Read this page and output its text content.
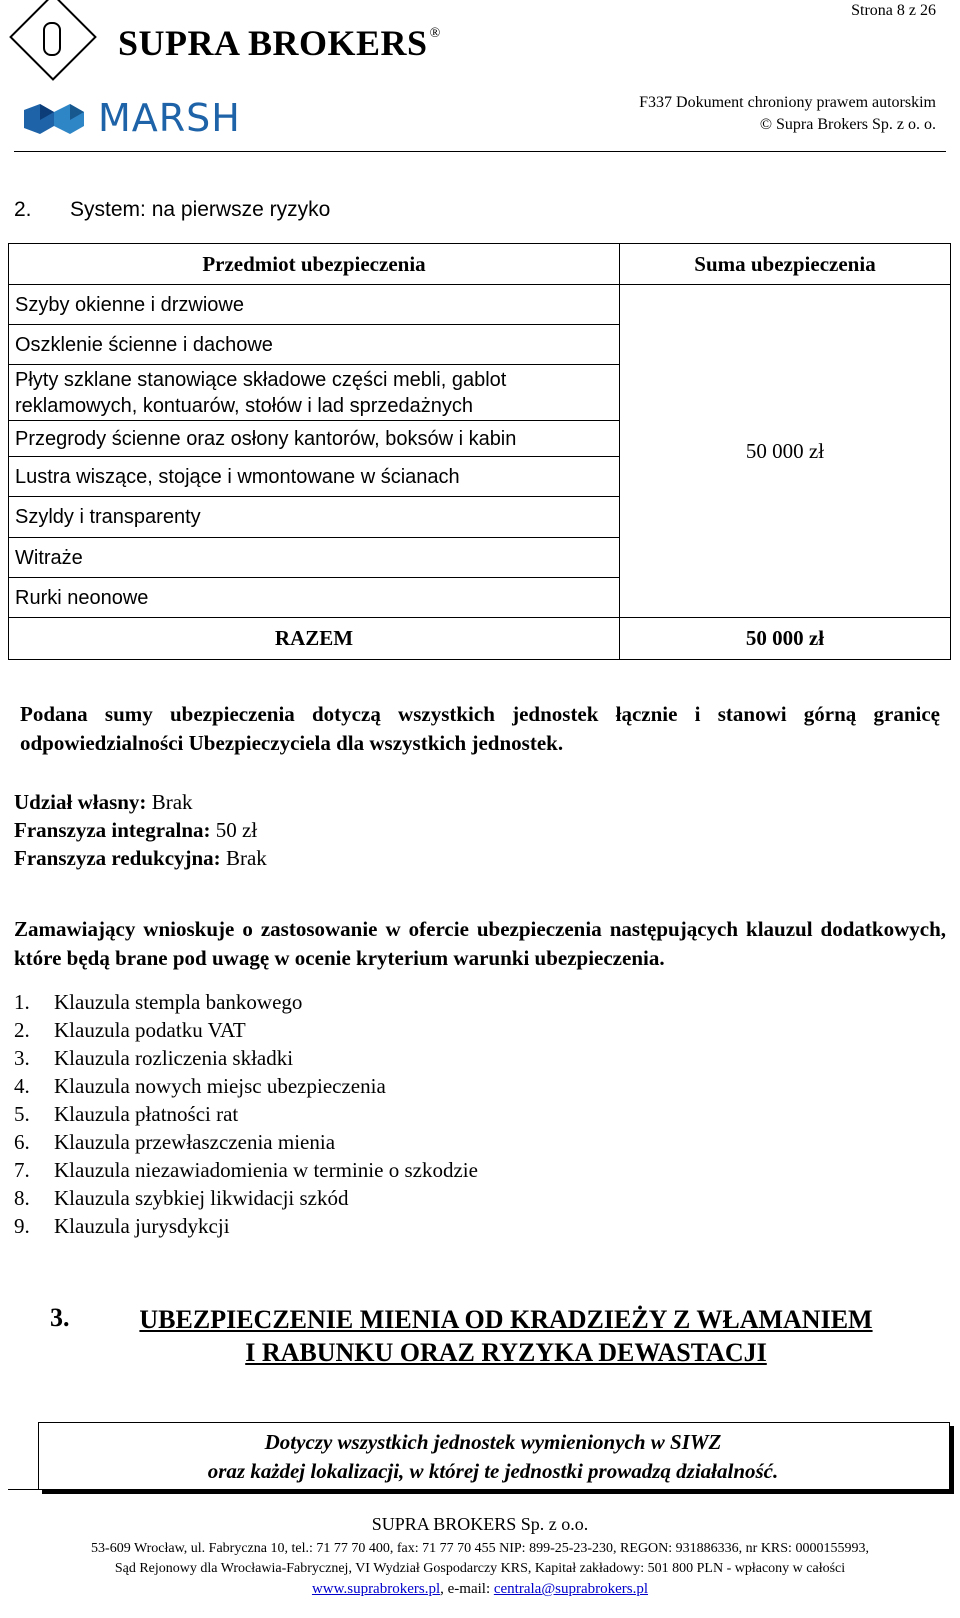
SUPRA BROKERS ®
MARSH
Strona 8 z 26
F337 Dokument chroniony prawem autorskim
© Supra Brokers Sp. z o. o.
2. System: na pierwsze ryzyko
Przedmiot ubezpieczenia	Suma ubezpieczenia
Szyby okienne i drzwiowe	50 000 zł
Oszklenie ścienne i dachowe	
Płyty szklane stanowiące składowe części mebli, gablot reklamowych, kontuarów, stołów i lad sprzedażnych	
Przegrody ścienne oraz osłony kantorów, boksów i kabin	
Lustra wiszące, stojące i wmontowane w ścianach	
Szyldy i transparenty	
Witraże	
Rurki neonowe	
RAZEM	50 000 zł
Podana sumy ubezpieczenia dotyczą wszystkich jednostek łącznie i stanowi górną granicę odpowiedzialności Ubezpieczyciela dla wszystkich jednostek.
Udział własny: Brak
Franszyza integralna: 50 zł
Franszyza redukcyjna: Brak
Zamawiający wnioskuje o zastosowanie w ofercie ubezpieczenia następujących klauzul dodatkowych, które będą brane pod uwagę w ocenie kryterium warunki ubezpieczenia.
1. Klauzula stempla bankowego
2. Klauzula podatku VAT
3. Klauzula rozliczenia składki
4. Klauzula nowych miejsc ubezpieczenia
5. Klauzula płatności rat
6. Klauzula przewłaszczenia mienia
7. Klauzula niezawiadomienia w terminie o szkodzie
8. Klauzula szybkiej likwidacji szkód
9. Klauzula jurysdykcji
3.	UBEZPIECZENIE MIENIA OD KRADZIEŻY Z WŁAMANIEM
I RABUNKU ORAZ RYZYKA DEWASTACJI
Dotyczy wszystkich jednostek wymienionych w SIWZ
oraz każdej lokalizacji, w której te jednostki prowadzą działalność.
SUPRA BROKERS Sp. z o.o.
53-609 Wrocław, ul. Fabryczna 10, tel.: 71 77 70 400, fax: 71 77 70 455 NIP: 899-25-23-230, REGON: 931886336, nr KRS: 0000155993,
Sąd Rejonowy dla Wrocławia-Fabrycznej, VI Wydział Gospodarczy KRS, Kapitał zakładowy: 501 800 PLN - wpłacony w całości
www.suprabrokers.pl, e-mail: centrala@suprabrokers.pl
